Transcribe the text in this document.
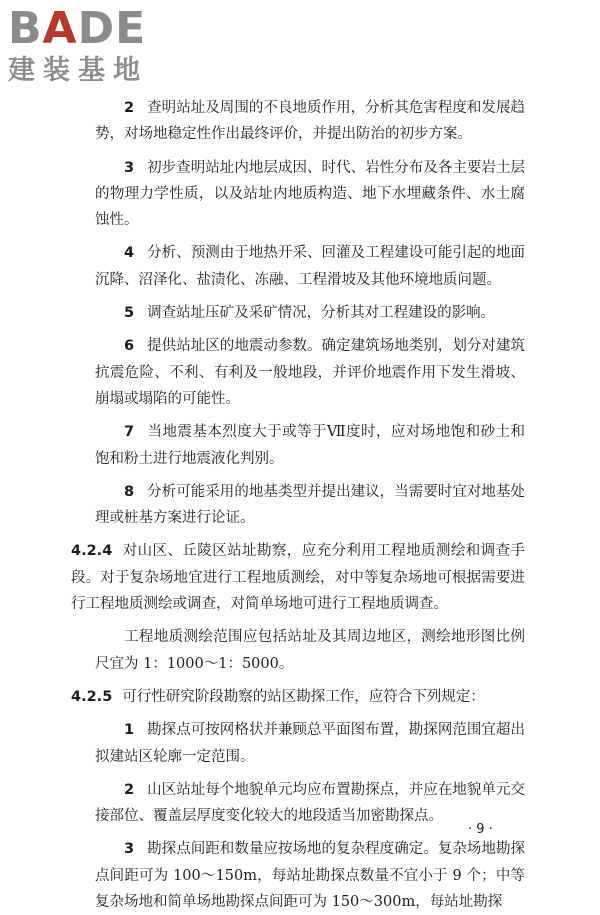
BADE
建装基地

2 查明站址及周围的不良地质作用，分析其危害程度和发展趋势，对场地稳定性作出最终评价，并提出防治的初步方案。

3 初步查明站址内地层成因、时代、岩性分布及各主要岩土层的物理力学性质，以及站址内地质构造、地下水埋藏条件、水土腐蚀性。

4 分析、预测由于地热开采、回灌及工程建设可能引起的地面沉降、沼泽化、盐渍化、冻融、工程滑坡及其他环境地质问题。

5 调查站址压矿及采矿情况，分析其对工程建设的影响。

6 提供站址区的地震动参数。确定建筑场地类别，划分对建筑抗震危险、不利、有利及一般地段，并评价地震作用下发生滑坡、崩塌或塌陷的可能性。

7 当地震基本烈度大于或等于Ⅶ度时，应对场地饱和砂土和饱和粉土进行地震液化判别。

8 分析可能采用的地基类型并提出建议，当需要时宜对地基处理或桩基方案进行论证。

4.2.4 对山区、丘陵区站址勘察，应充分利用工程地质测绘和调查手段。对于复杂场地宜进行工程地质测绘，对中等复杂场地可根据需要进行工程地质测绘或调查，对简单场地可进行工程地质调查。

工程地质测绘范围应包括站址及其周边地区，测绘地形图比例尺宜为 1：1000～1：5000。

4.2.5 可行性研究阶段勘察的站区勘探工作，应符合下列规定：

1 勘探点可按网格状并兼顾总平面图布置，勘探网范围宜超出拟建站区轮廓一定范围。

2 山区站址每个地貌单元均应布置勘探点，并应在地貌单元交接部位、覆盖层厚度变化较大的地段适当加密勘探点。

3 勘探点间距和数量应按场地的复杂程度确定。复杂场地勘探点间距可为 100～150m，每站址勘探点数量不宜小于 9 个；中等复杂场地和简单场地勘探点间距可为 150～300m，每站址勘探

· 9 ·
